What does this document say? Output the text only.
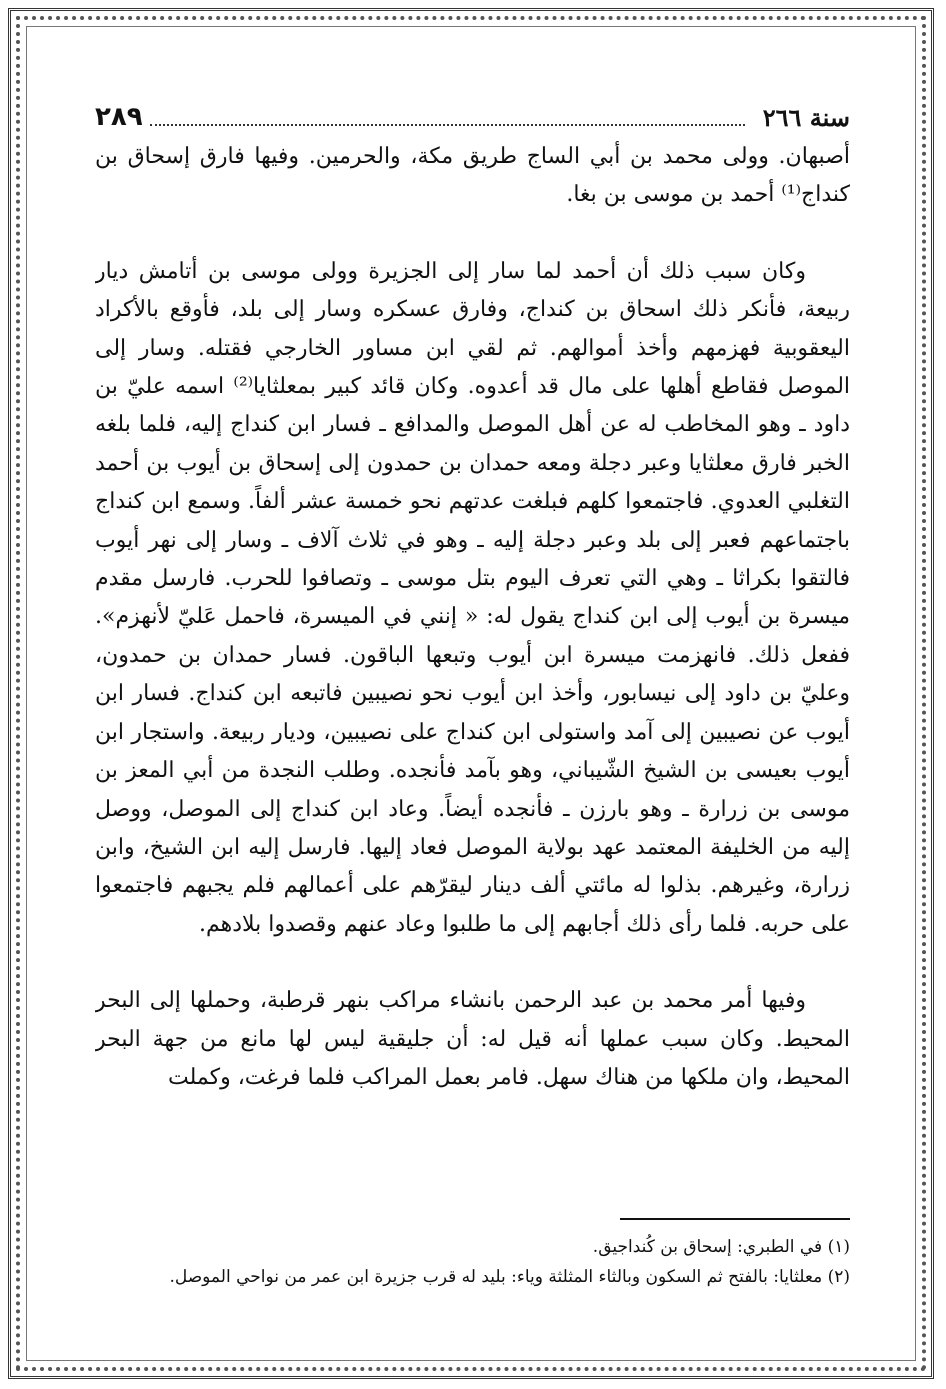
٢٨٩	سنة ٢٦٦

أصبهان. وولى محمد بن أبي الساج طريق مكة، والحرمين. وفيها فارق إسحاق بن كنداج⁽¹⁾ أحمد بن موسى بن بغا.

وكان سبب ذلك أن أحمد لما سار إلى الجزيرة وولى موسى بن أتامش ديار ربيعة، فأنكر ذلك اسحاق بن كنداج، وفارق عسكره وسار إلى بلد، فأوقع بالأكراد اليعقوبية فهزمهم وأخذ أموالهم. ثم لقي ابن مساور الخارجي فقتله. وسار إلى الموصل فقاطع أهلها على مال قد أعدوه. وكان قائد كبير بمعلثايا⁽²⁾ اسمه عليّ بن داود ـ وهو المخاطب له عن أهل الموصل والمدافع ـ فسار ابن كنداج إليه، فلما بلغه الخبر فارق معلثايا وعبر دجلة ومعه حمدان بن حمدون إلى إسحاق بن أيوب بن أحمد التغلبي العدوي. فاجتمعوا كلهم فبلغت عدتهم نحو خمسة عشر ألفاً. وسمع ابن كنداج باجتماعهم فعبر إلى بلد وعبر دجلة إليه ـ وهو في ثلاث آلاف ـ وسار إلى نهر أيوب فالتقوا بكراثا ـ وهي التي تعرف اليوم بتل موسى ـ وتصافوا للحرب. فارسل مقدم ميسرة بن أيوب إلى ابن كنداج يقول له: « إنني في الميسرة، فاحمل عَليّ لأنهزم». ففعل ذلك. فانهزمت ميسرة ابن أيوب وتبعها الباقون. فسار حمدان بن حمدون، وعليّ بن داود إلى نيسابور، وأخذ ابن أيوب نحو نصيبين فاتبعه ابن كنداج. فسار ابن أيوب عن نصيبين إلى آمد واستولى ابن كنداج على نصيبين، وديار ربيعة. واستجار ابن أيوب بعيسى بن الشيخ الشّيباني، وهو بآمد فأنجده. وطلب النجدة من أبي المعز بن موسى بن زرارة ـ وهو بارزن ـ فأنجده أيضاً. وعاد ابن كنداج إلى الموصل، ووصل إليه من الخليفة المعتمد عهد بولاية الموصل فعاد إليها. فارسل إليه ابن الشيخ، وابن زرارة، وغيرهم. بذلوا له مائتي ألف دينار ليقرّهم على أعمالهم فلم يجبهم فاجتمعوا على حربه. فلما رأى ذلك أجابهم إلى ما طلبوا وعاد عنهم وقصدوا بلادهم.

وفيها أمر محمد بن عبد الرحمن بانشاء مراكب بنهر قرطبة، وحملها إلى البحر المحيط. وكان سبب عملها أنه قيل له: أن جليقية ليس لها مانع من جهة البحر المحيط، وان ملكها من هناك سهل. فامر بعمل المراكب فلما فرغت، وكملت

(١) في الطبري: إسحاق بن كُنداجيق.

(٢) معلثايا: بالفتح ثم السكون وبالثاء المثلثة وياء: بليد له قرب جزيرة ابن عمر من نواحي الموصل.
